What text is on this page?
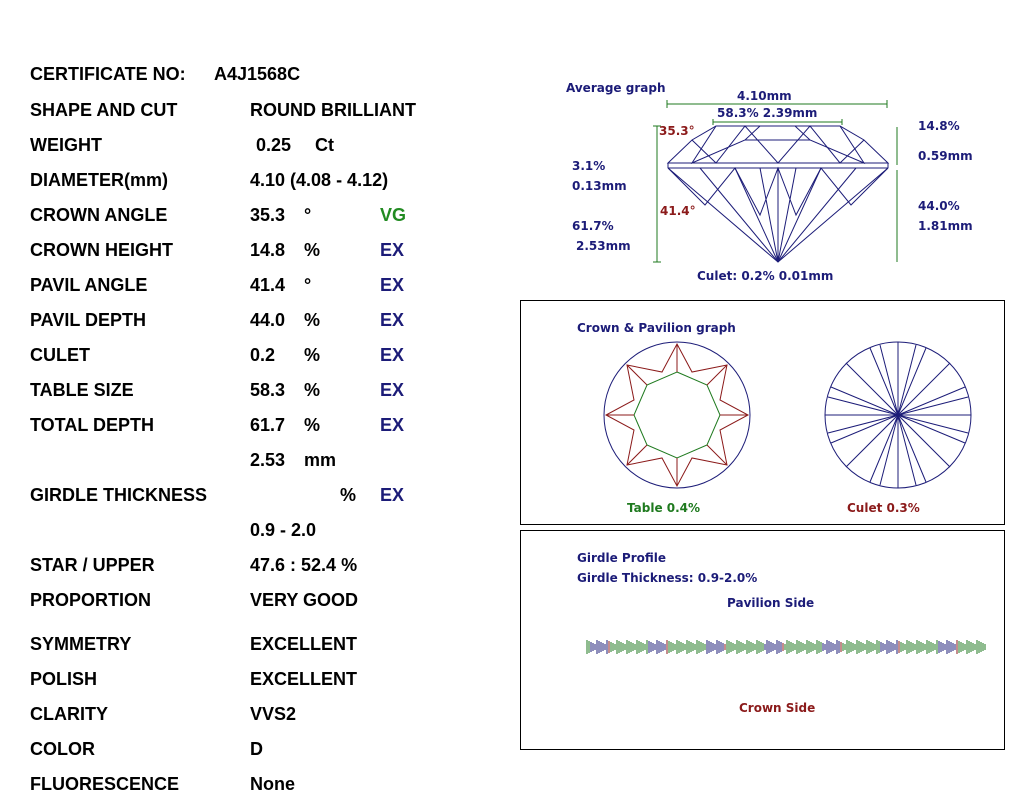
CERTIFICATE NO: A4J1568C
SHAPE AND CUT	ROUND BRILLIANT
WEIGHT	0.25 Ct
DIAMETER(mm)	4.10 (4.08 - 4.12)
CROWN ANGLE	35.3 °	VG
CROWN HEIGHT	14.8 %	EX
PAVIL ANGLE	41.4 °	EX
PAVIL DEPTH	44.0 %	EX
CULET	0.2 %	EX
TABLE SIZE	58.3 %	EX
TOTAL DEPTH	61.7 %	EX
2.53 mm
GIRDLE THICKNESS	% EX
0.9 - 2.0
STAR / UPPER	47.6 : 52.4 %
PROPORTION	VERY GOOD
SYMMETRY	EXCELLENT
POLISH	EXCELLENT
CLARITY	VVS2
COLOR	D
FLUORESCENCE	None
Average graph
4.10mm
58.3% 2.39mm
35.3°	14.8%
0.59mm
3.1%
0.13mm
41.4°	44.0%
1.81mm
61.7%
2.53mm
Culet: 0.2% 0.01mm
Crown & Pavilion graph
Table 0.4%	Culet 0.3%
Girdle Profile
Girdle Thickness: 0.9-2.0%
Pavilion Side
Crown Side
